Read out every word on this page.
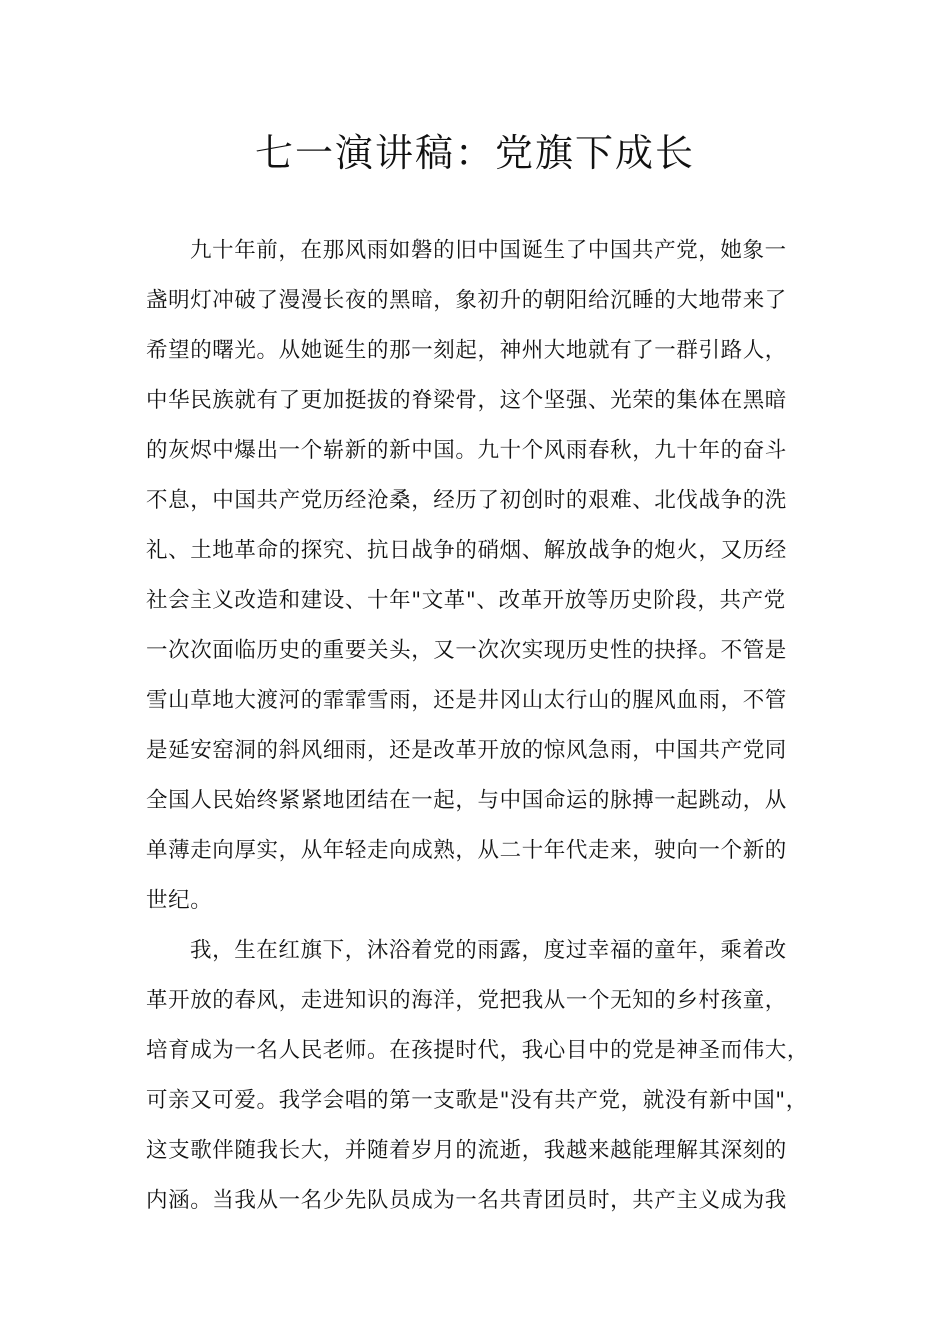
七一演讲稿：党旗下成长
九十年前，在那风雨如磐的旧中国诞生了中国共产党，她象一
盏明灯冲破了漫漫长夜的黑暗，象初升的朝阳给沉睡的大地带来了
希望的曙光。从她诞生的那一刻起，神州大地就有了一群引路人，
中华民族就有了更加挺拔的脊梁骨，这个坚强、光荣的集体在黑暗
的灰烬中爆出一个崭新的新中国。九十个风雨春秋，九十年的奋斗
不息，中国共产党历经沧桑，经历了初创时的艰难、北伐战争的洗
礼、土地革命的探究、抗日战争的硝烟、解放战争的炮火，又历经
社会主义改造和建设、十年"文革"、改革开放等历史阶段，共产党
一次次面临历史的重要关头，又一次次实现历史性的抉择。不管是
雪山草地大渡河的霏霏雪雨，还是井冈山太行山的腥风血雨，不管
是延安窑洞的斜风细雨，还是改革开放的惊风急雨，中国共产党同
全国人民始终紧紧地团结在一起，与中国命运的脉搏一起跳动，从
单薄走向厚实，从年轻走向成熟，从二十年代走来，驶向一个新的
世纪。
我，生在红旗下，沐浴着党的雨露，度过幸福的童年，乘着改
革开放的春风，走进知识的海洋，党把我从一个无知的乡村孩童，
培育成为一名人民老师。在孩提时代，我心目中的党是神圣而伟大，
可亲又可爱。我学会唱的第一支歌是"没有共产党，就没有新中国"，
这支歌伴随我长大，并随着岁月的流逝，我越来越能理解其深刻的
内涵。当我从一名少先队员成为一名共青团员时，共产主义成为我
